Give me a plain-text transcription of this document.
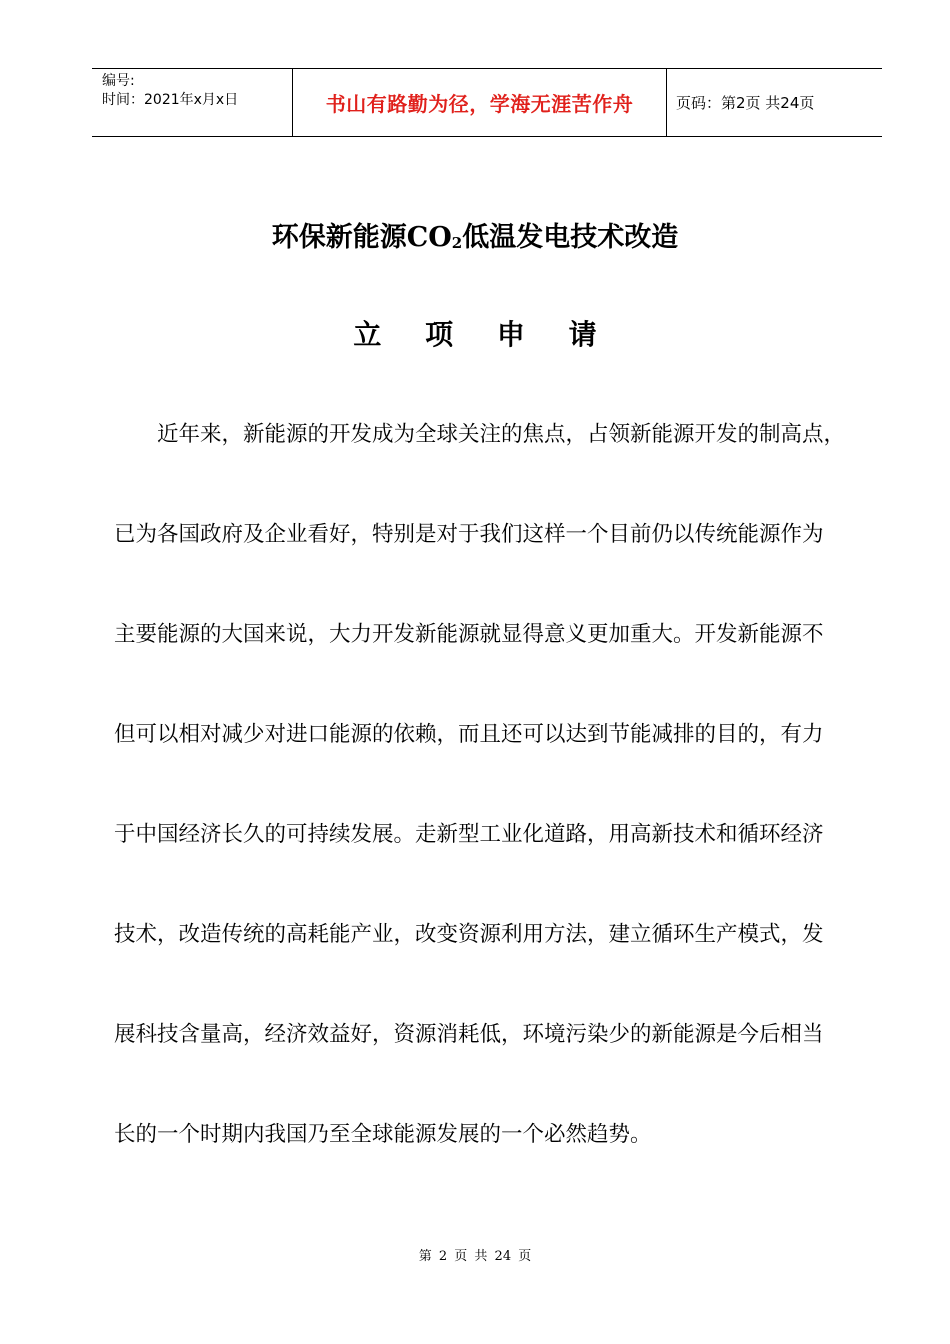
编号:
时间：2021年x月x日	书山有路勤为径，学海无涯苦作舟	页码：第2页 共24页
环保新能源$CO_2$低温发电技术改造
立 项 申 请
近年来，新能源的开发成为全球关注的焦点，占领新能源开发的制高点，
已为各国政府及企业看好，特别是对于我们这样一个目前仍以传统能源作为
主要能源的大国来说，大力开发新能源就显得意义更加重大。开发新能源不
但可以相对减少对进口能源的依赖，而且还可以达到节能减排的目的，有力
于中国经济长久的可持续发展。走新型工业化道路，用高新技术和循环经济
技术，改造传统的高耗能产业，改变资源利用方法，建立循环生产模式，发
展科技含量高，经济效益好，资源消耗低，环境污染少的新能源是今后相当
长的一个时期内我国乃至全球能源发展的一个必然趋势。
第 2 页 共 24 页
